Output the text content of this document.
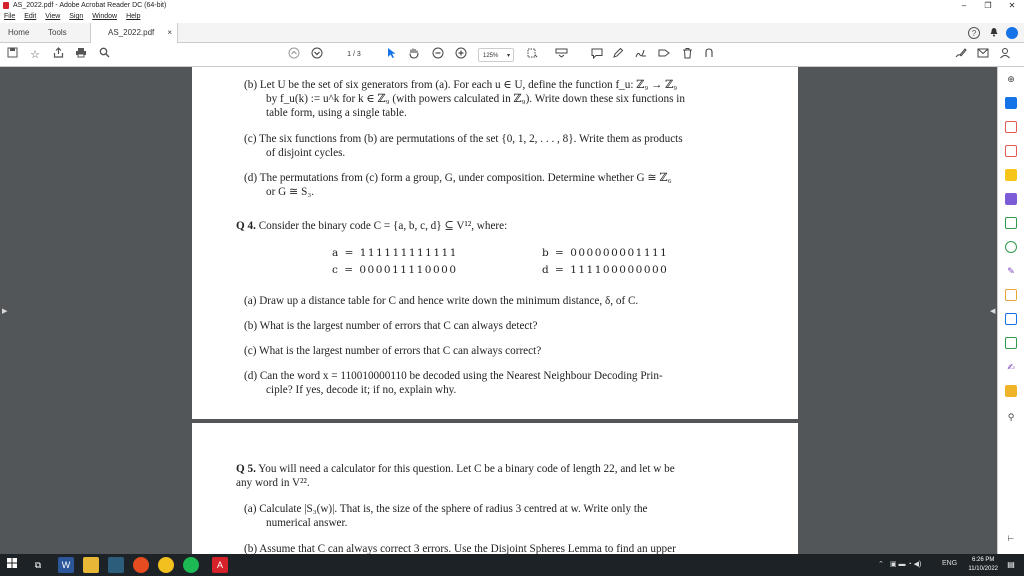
AS_2022.pdf - Adobe Acrobat Reader DC (64-bit)	–	❐	✕
File Edit View Sign Window Help
Home Tools	AS_2022.pdf ×	?
☆	1 / 3	125% ▾
▶
(b) Let U be the set of six generators from (a). For each u ∈ U, define the function f_u: ℤ₉ → ℤ₉
by f_u(k) := u^k for k ∈ ℤ₉ (with powers calculated in ℤ₉). Write down these six functions in
table form, using a single table.
(c) The six functions from (b) are permutations of the set {0, 1, 2, . . . , 8}. Write them as products
of disjoint cycles.
(d) The permutations from (c) form a group, G, under composition. Determine whether G ≅ ℤ₆
or G ≅ S₃.
Q 4. Consider the binary code C = {a, b, c, d} ⊆ V¹², where:
a = 111111111111	b = 000000001111
c = 000011110000	d = 111100000000
(a) Draw up a distance table for C and hence write down the minimum distance, δ, of C.
(b) What is the largest number of errors that C can always detect?
(c) What is the largest number of errors that C can always correct?
(d) Can the word x = 110010000110 be decoded using the Nearest Neighbour Decoding Prin-
ciple? If yes, decode it; if no, explain why.
Q 5. You will need a calculator for this question. Let C be a binary code of length 22, and let w be
any word in V²².
(a) Calculate |S₃(w)|. That is, the size of the sphere of radius 3 centred at w. Write only the
numerical answer.
(b) Assume that C can always correct 3 errors. Use the Disjoint Spheres Lemma to find an upper
◀
⊕
✎
✍
⚲
⊢
⧉	W	A	⌃ ▣ ▬ ◔ ◀)	ENG	6:26 PM
11/10/2022	▤
